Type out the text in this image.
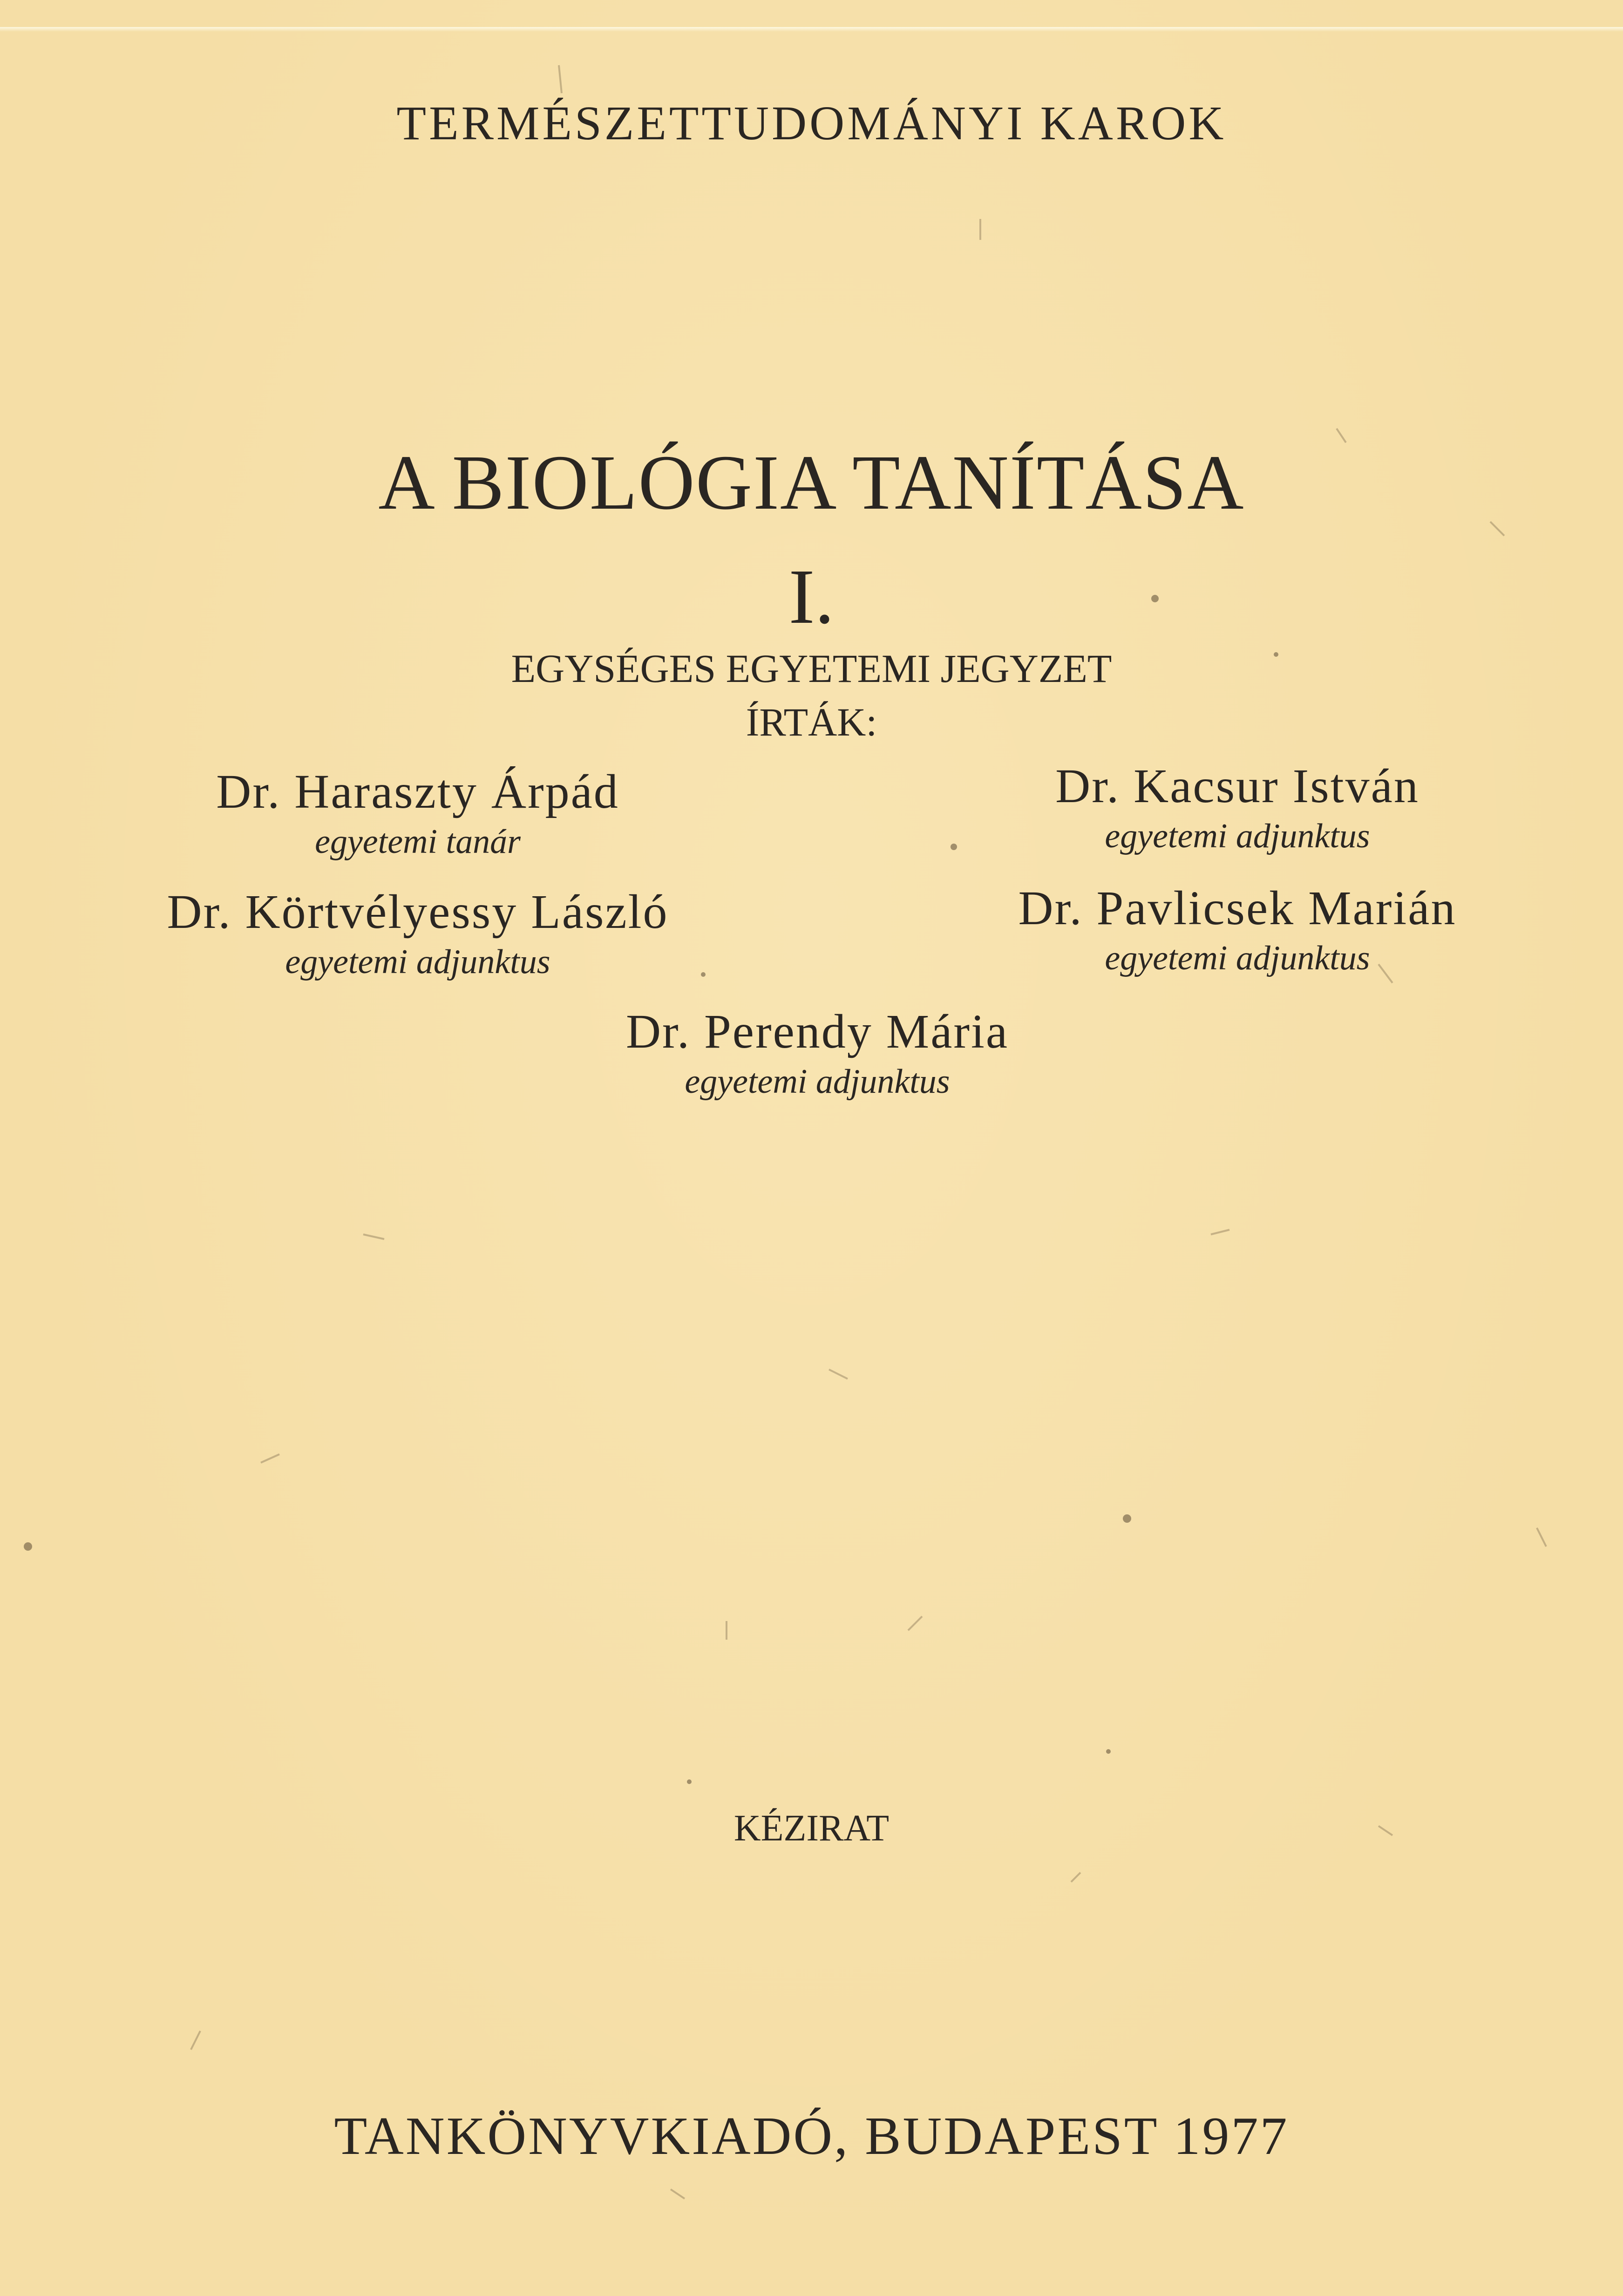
TERMÉSZETTUDOMÁNYI KAROK
A BIOLÓGIA TANÍTÁSA
I.
EGYSÉGES EGYETEMI JEGYZET
ÍRTÁK:
Dr. Haraszty Árpád
egyetemi tanár
Dr. Kacsur István
egyetemi adjunktus
Dr. Körtvélyessy László
egyetemi adjunktus
Dr. Pavlicsek Marián
egyetemi adjunktus
Dr. Perendy Mária
egyetemi adjunktus
KÉZIRAT
TANKÖNYVKIADÓ, BUDAPEST 1977
